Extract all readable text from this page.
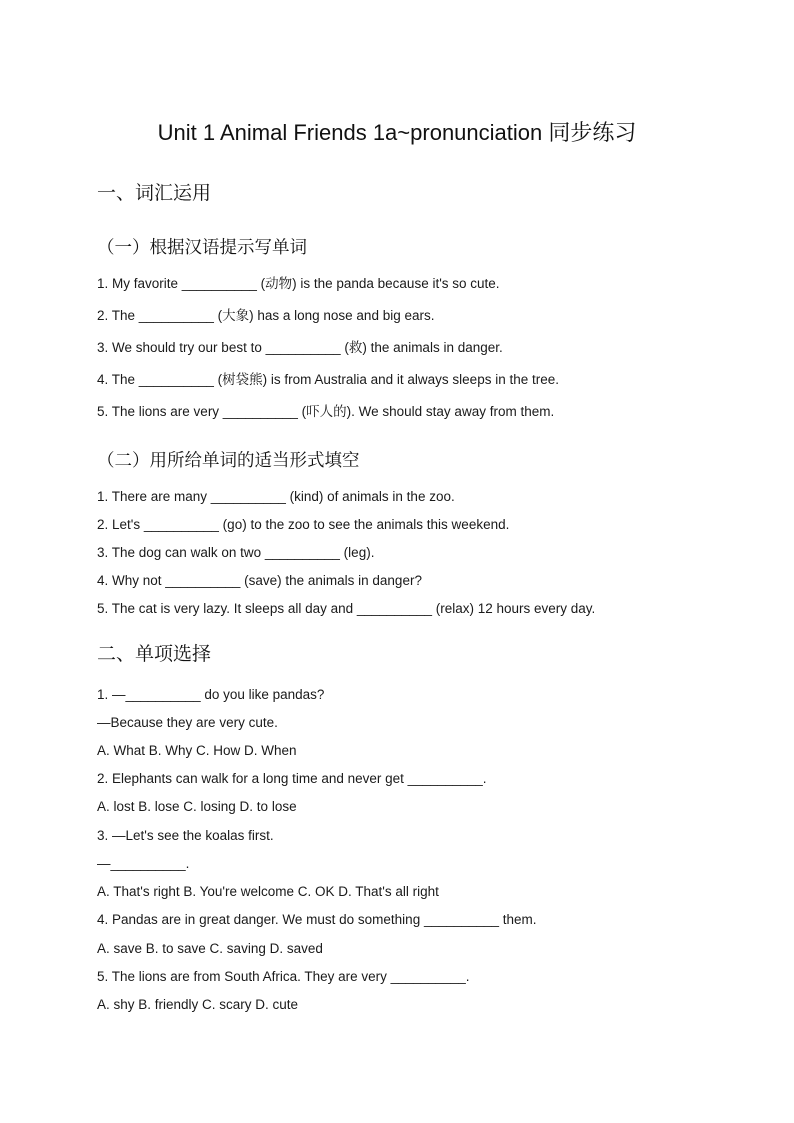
Unit 1 Animal Friends 1a~pronunciation 同步练习
一、词汇运用
（一）根据汉语提示写单词
1. My favorite __________ (动物) is the panda because it's so cute.
2. The __________ (大象) has a long nose and big ears.
3. We should try our best to __________ (救) the animals in danger.
4. The __________ (树袋熊) is from Australia and it always sleeps in the tree.
5. The lions are very __________ (吓人的). We should stay away from them.
（二）用所给单词的适当形式填空
1. There are many __________ (kind) of animals in the zoo.
2. Let's __________ (go) to the zoo to see the animals this weekend.
3. The dog can walk on two __________ (leg).
4. Why not __________ (save) the animals in danger?
5. The cat is very lazy. It sleeps all day and __________ (relax) 12 hours every day.
二、单项选择
1. —__________ do you like pandas?
—Because they are very cute.
A. What B. Why C. How D. When
2. Elephants can walk for a long time and never get __________.
A. lost B. lose C. losing D. to lose
3. —Let's see the koalas first.
—__________.
A. That's right B. You're welcome C. OK D. That's all right
4. Pandas are in great danger. We must do something __________ them.
A. save B. to save C. saving D. saved
5. The lions are from South Africa. They are very __________.
A. shy B. friendly C. scary D. cute
